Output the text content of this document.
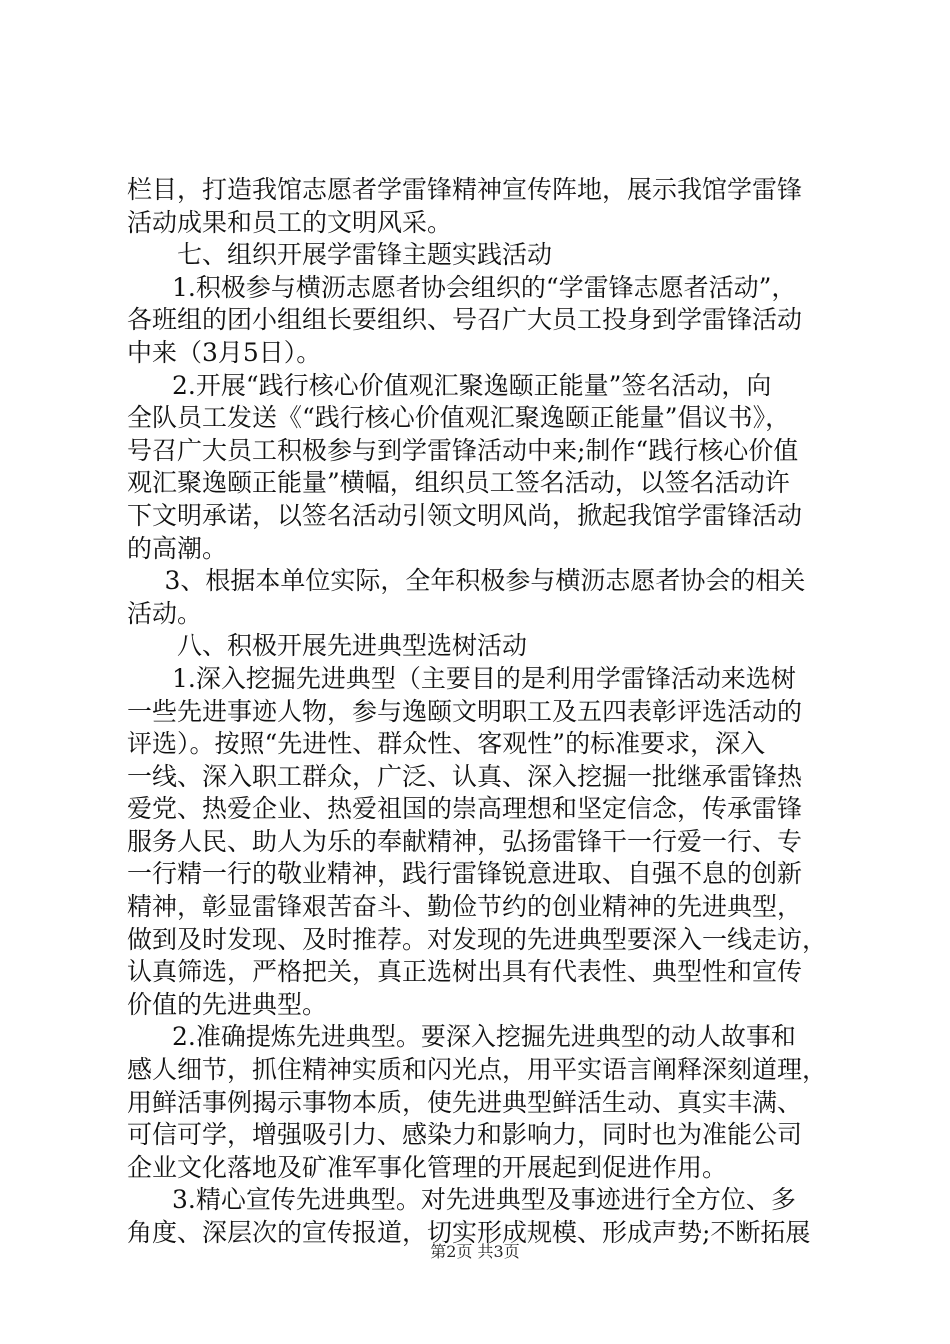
栏目，打造我馆志愿者学雷锋精神宣传阵地，展示我馆学雷锋
活动成果和员工的文明风采。
七、组织开展学雷锋主题实践活动
1.积极参与横沥志愿者协会组织的“学雷锋志愿者活动”，
各班组的团小组组长要组织、号召广大员工投身到学雷锋活动
中来（3月5日）。
2.开展“践行核心价值观汇聚逸颐正能量”签名活动，向
全队员工发送《“践行核心价值观汇聚逸颐正能量”倡议书》，
号召广大员工积极参与到学雷锋活动中来;制作“践行核心价值
观汇聚逸颐正能量”横幅，组织员工签名活动，以签名活动许
下文明承诺，以签名活动引领文明风尚，掀起我馆学雷锋活动
的高潮。
3、根据本单位实际，全年积极参与横沥志愿者协会的相关
活动。
八、积极开展先进典型选树活动
1.深入挖掘先进典型（主要目的是利用学雷锋活动来选树
一些先进事迹人物，参与逸颐文明职工及五四表彰评选活动的
评选）。按照“先进性、群众性、客观性”的标准要求，深入
一线、深入职工群众，广泛、认真、深入挖掘一批继承雷锋热
爱党、热爱企业、热爱祖国的崇高理想和坚定信念，传承雷锋
服务人民、助人为乐的奉献精神，弘扬雷锋干一行爱一行、专
一行精一行的敬业精神，践行雷锋锐意进取、自强不息的创新
精神，彰显雷锋艰苦奋斗、勤俭节约的创业精神的先进典型，
做到及时发现、及时推荐。对发现的先进典型要深入一线走访，
认真筛选，严格把关，真正选树出具有代表性、典型性和宣传
价值的先进典型。
2.准确提炼先进典型。要深入挖掘先进典型的动人故事和
感人细节，抓住精神实质和闪光点，用平实语言阐释深刻道理，
用鲜活事例揭示事物本质，使先进典型鲜活生动、真实丰满、
可信可学，增强吸引力、感染力和影响力，同时也为准能公司
企业文化落地及矿准军事化管理的开展起到促进作用。
3.精心宣传先进典型。对先进典型及事迹进行全方位、多
角度、深层次的宣传报道，切实形成规模、形成声势;不断拓展
第2页 共3页
